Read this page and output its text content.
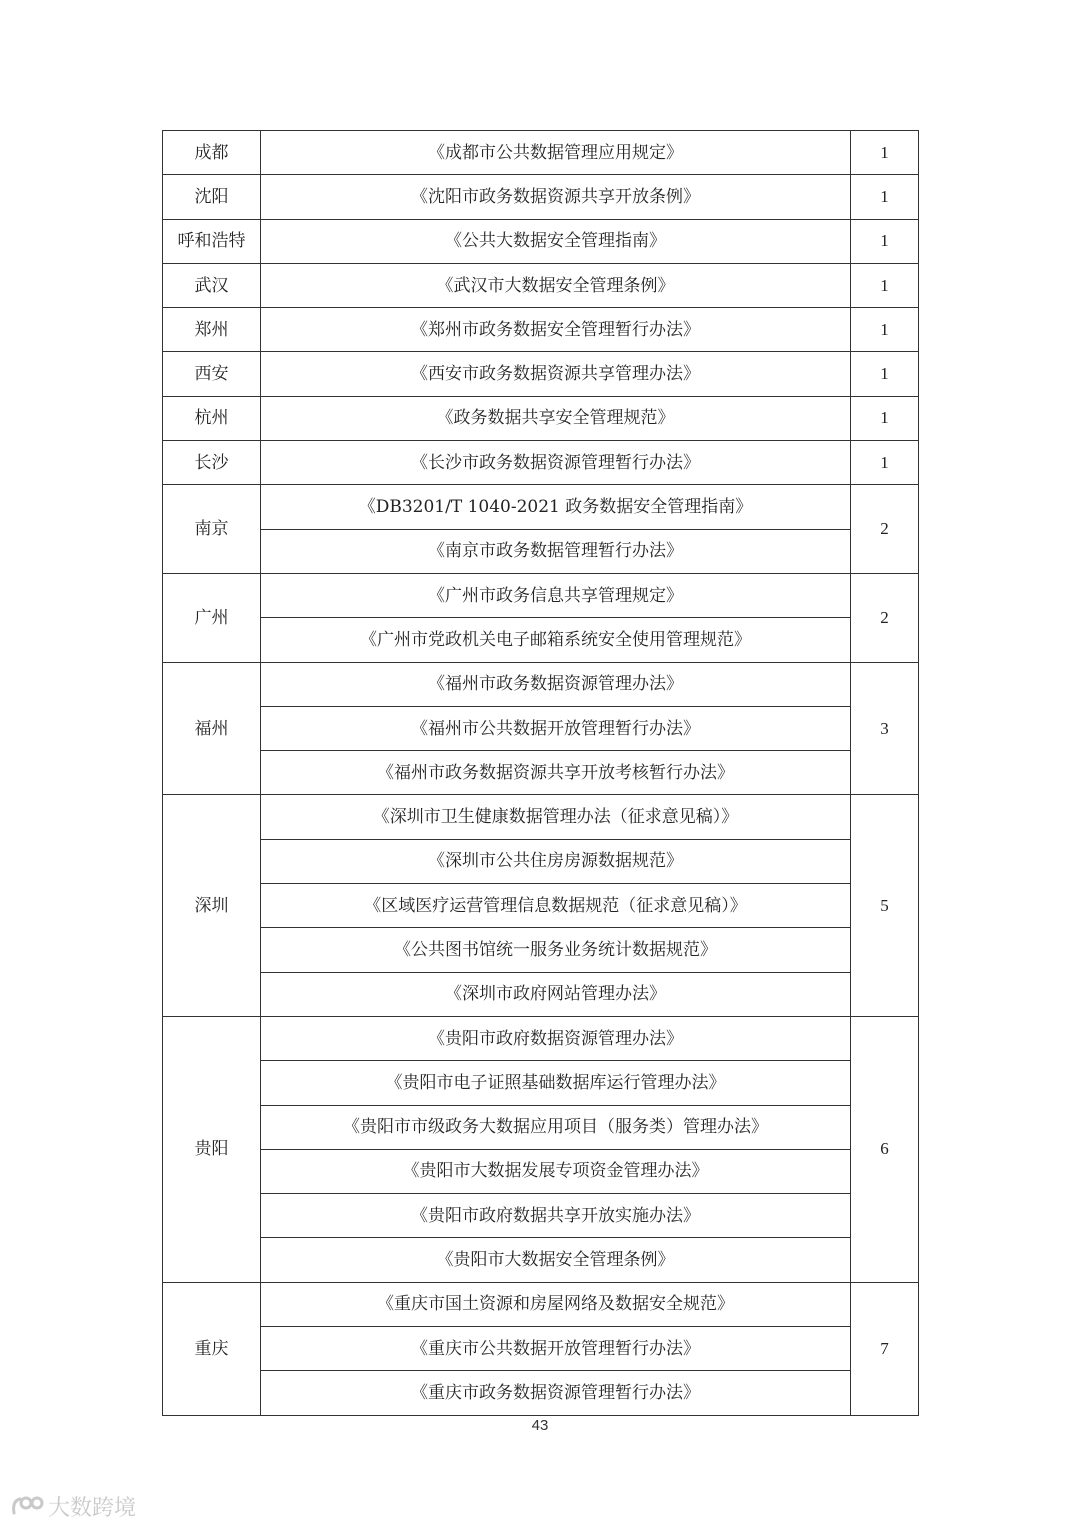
成都	《成都市公共数据管理应用规定》	1
沈阳	《沈阳市政务数据资源共享开放条例》	1
呼和浩特	《公共大数据安全管理指南》	1
武汉	《武汉市大数据安全管理条例》	1
郑州	《郑州市政务数据安全管理暂行办法》	1
西安	《西安市政务数据资源共享管理办法》	1
杭州	《政务数据共享安全管理规范》	1
长沙	《长沙市政务数据资源管理暂行办法》	1
南京	《DB3201/T 1040-2021 政务数据安全管理指南》	2
	《南京市政务数据管理暂行办法》	
广州	《广州市政务信息共享管理规定》	2
	《广州市党政机关电子邮箱系统安全使用管理规范》	
福州	《福州市政务数据资源管理办法》	3
	《福州市公共数据开放管理暂行办法》	
	《福州市政务数据资源共享开放考核暂行办法》	
深圳	《深圳市卫生健康数据管理办法（征求意见稿）》	5
	《深圳市公共住房房源数据规范》	
	《区域医疗运营管理信息数据规范（征求意见稿）》	
	《公共图书馆统一服务业务统计数据规范》	
	《深圳市政府网站管理办法》	
贵阳	《贵阳市政府数据资源管理办法》	6
	《贵阳市电子证照基础数据库运行管理办法》	
	《贵阳市市级政务大数据应用项目（服务类）管理办法》	
	《贵阳市大数据发展专项资金管理办法》	
	《贵阳市政府数据共享开放实施办法》	
	《贵阳市大数据安全管理条例》	
重庆	《重庆市国土资源和房屋网络及数据安全规范》	7
	《重庆市公共数据开放管理暂行办法》	
	《重庆市政务数据资源管理暂行办法》	
43
大数跨境
